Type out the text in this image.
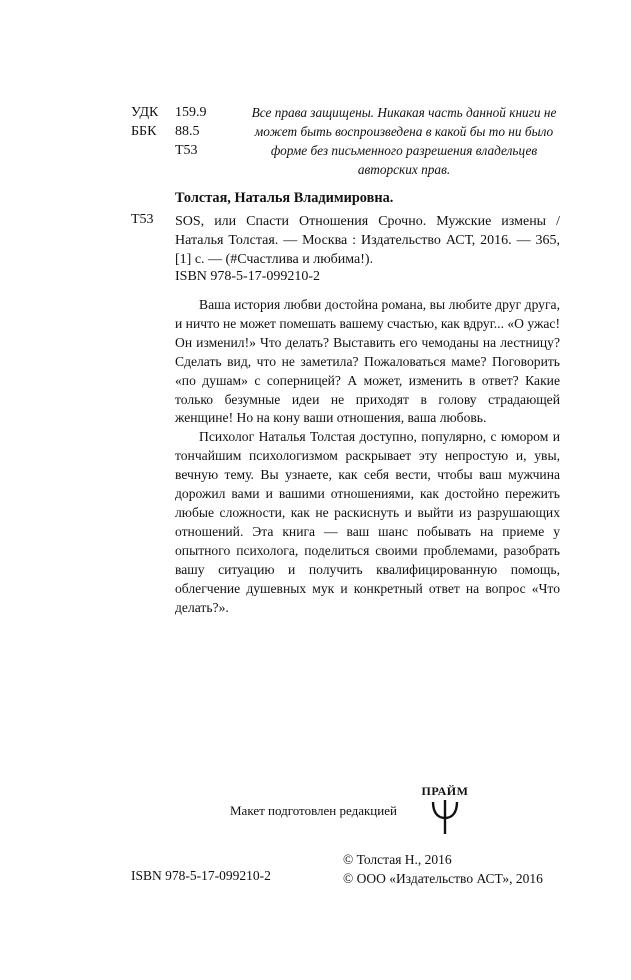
УДК 159.9
ББК 88.5
Т53
Все права защищены. Никакая часть данной книги не может быть воспроизведена в какой бы то ни было форме без письменного разрешения владельцев авторских прав.
Толстая, Наталья Владимировна.
Т53 SOS, или Спасти Отношения Срочно. Мужские измены / Наталья Толстая. — Москва : Издательство АСТ, 2016. — 365,[1] с. — (#Счастлива и любима!).

ISBN 978-5-17-099210-2

Ваша история любви достойна романа, вы любите друг друга, и ничто не может помешать вашему счастью, как вдруг... «О ужас! Он изменил!» Что делать? Выставить его чемоданы на лестницу? Сделать вид, что не заметила? Пожаловаться маме? Поговорить «по душам» с соперницей? А может, изменить в ответ? Какие только безумные идеи не приходят в голову страдающей женщине! Но на кону ваши отношения, ваша любовь.

Психолог Наталья Толстая доступно, популярно, с юмором и тончайшим психологизмом раскрывает эту непростую и, увы, вечную тему. Вы узнаете, как себя вести, чтобы ваш мужчина дорожил вами и вашими отношениями, как достойно пережить любые сложности, как не раскиснуть и выйти из разрушающих отношений. Эта книга — ваш шанс побывать на приеме у опытного психолога, поделиться своими проблемами, разобрать вашу ситуацию и получить квалифицированную помощь, облегчение душевных мук и конкретный ответ на вопрос «Что делать?».

Макет подготовлен редакцией
ПРАЙМ
ISBN 978-5-17-099210-2
© Толстая Н., 2016
© ООО «Издательство АСТ», 2016
